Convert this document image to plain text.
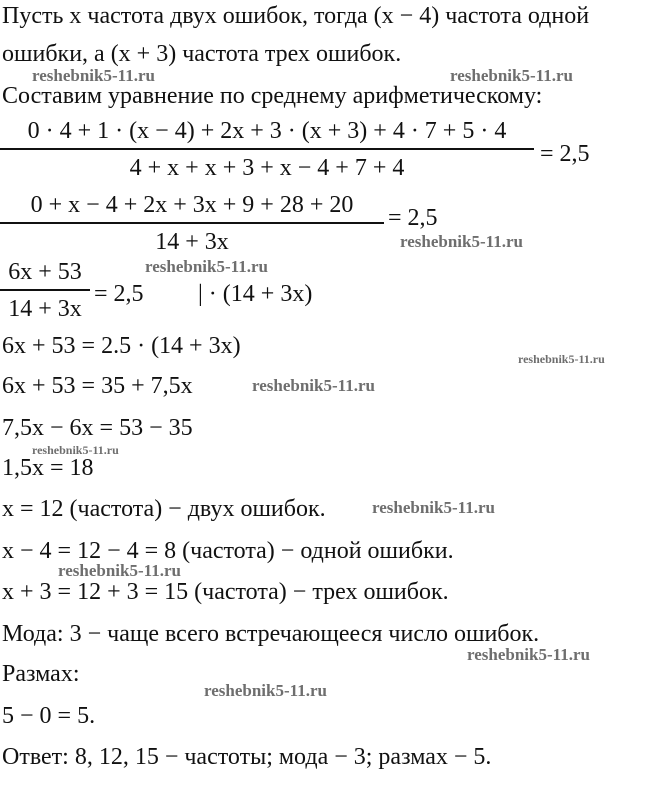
Пусть x частота двух ошибок, тогда (x − 4) частота одной
ошибки, а (x + 3) частота трех ошибок.
Составим уравнение по среднему арифметическому:
0 · 4 + 1 · (x − 4) + 2x + 3 · (x + 3) + 4 · 7 + 5 · 4
4 + x + x + 3 + x − 4 + 7 + 4
= 2,5
0 + x − 4 + 2x + 3x + 9 + 28 + 20
14 + 3x
= 2,5
6x + 53
14 + 3x
= 2,5 | · (14 + 3x)
6x + 53 = 2.5 · (14 + 3x)
6x + 53 = 35 + 7,5x
7,5x − 6x = 53 − 35
1,5x = 18
x = 12 (частота) − двух ошибок.
x − 4 = 12 − 4 = 8 (частота) − одной ошибки.
x + 3 = 12 + 3 = 15 (частота) − трех ошибок.
Мода: 3 − чаще всего встречающееся число ошибок.
Размах:
5 − 0 = 5.
Ответ: 8, 12, 15 − частоты; мода − 3; размах − 5.
reshebnik5-11.ru	reshebnik5-11.ru
reshebnik5-11.ru
reshebnik5-11.ru
reshebnik5-11.ru
reshebnik5-11.ru
reshebnik5-11.ru
reshebnik5-11.ru
reshebnik5-11.ru
reshebnik5-11.ru
reshebnik5-11.ru
